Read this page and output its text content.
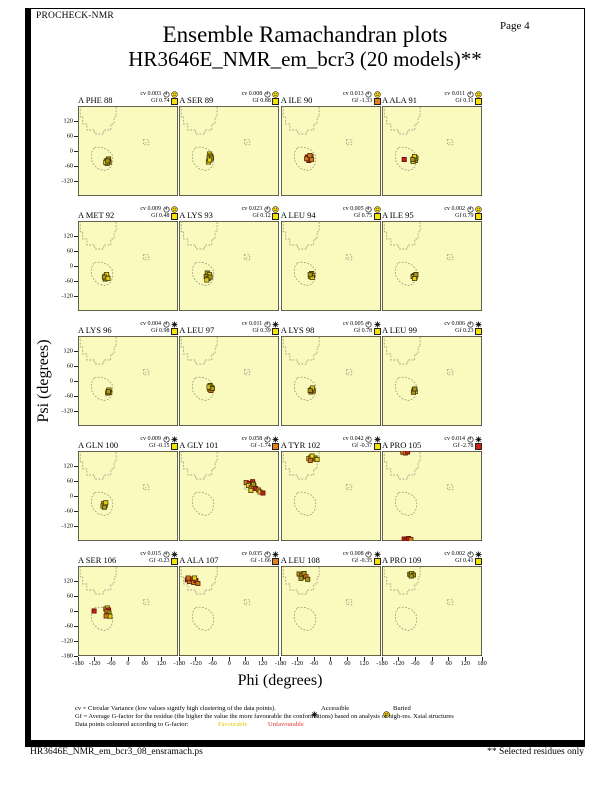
PROCHECK-NMR
Ensemble Ramachandran plots
HR3646E_NMR_em_bcr3 (20 models)**
Page 4
Psi (degrees)
Phi (degrees)
A PHE 88
cv 0.003
Gf 0.74
120
60
0
-60
-120
A SER 89
cv 0.008
Gf 0.88 A ILE 90
cv 0.013
Gf -1.33 A ALA 91
cv 0.011
Gf 0.11
A MET 92
cv 0.009
Gf 0.48
120
60
0
-60
-120
A LYS 93
cv 0.023
Gf 0.12 A LEU 94
cv 0.005
Gf 0.75 A ILE 95
cv 0.002
Gf 0.79
A LYS 96
cv 0.004
Gf 0.98
120
60
0
-60
-120
A LEU 97
cv 0.011
Gf 0.39 A LYS 98
cv 0.005
Gf 0.78 A LEU 99
cv 0.006
Gf 0.23
A GLN 100
cv 0.009
Gf -0.15
120
60
0
-60
-120
A GLY 101
cv 0.058
Gf -1.74 A TYR 102
cv 0.042
Gf -0.37 A PRO 105
cv 0.014
Gf -2.78
A SER 106
cv 0.015
Gf -0.23
120
60
0
-60
-120
-180
-180 -120 -60 0 60 120
A ALA 107
cv 0.035
Gf -1.66
-180 -120 -60 0 60 120
A LEU 108
cv 0.008
Gf -0.35
-180 -120 -60 0 60 120
A PRO 109
cv 0.002
Gf 0.41
-180 -120 -60 0 60 120 180
cv = Circular Variance (low values signify high clustering of the data points).	Accessible	Buried
Gf = Average G-factor for the residue (the higher the value the more favourable the conformations) based on analysis of high-res. Xstal structures
Data points coloured according to G-factor:	Favourable	Unfavourable
HR3646E_NMR_em_bcr3_08_ensramach.ps	** Selected residues only
